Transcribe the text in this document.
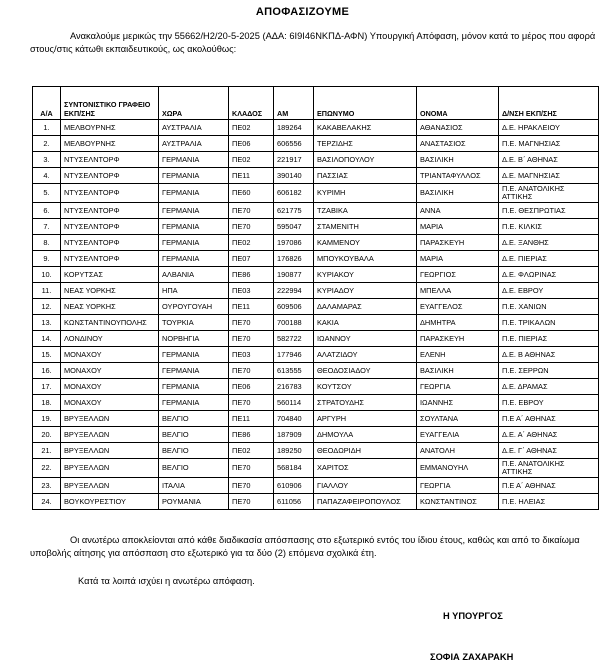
ΑΠΟΦΑΣΙΖΟΥΜΕ
Ανακαλούμε μερικώς την 55662/Η2/20-5-2025 (ΑΔΑ: 6Ι9Ι46ΝΚΠΔ-ΑΦΝ) Υπουργική Απόφαση, μόνον κατά το μέρος που αφορά στους/στις κάτωθι εκπαιδευτικούς, ως ακολούθως:
Α/Α	ΣΥΝΤΟΝΙΣΤΙΚΟ ΓΡΑΦΕΙΟ ΕΚΠ/ΣΗΣ	ΧΩΡΑ	ΚΛΑΔΟΣ	ΑΜ	ΕΠΩΝΥΜΟ	ΟΝΟΜΑ	Δ/ΝΣΗ ΕΚΠ/ΣΗΣ
1.	ΜΕΛΒΟΥΡΝΗΣ	ΑΥΣΤΡΑΛΙΑ	ΠΕ02	189264	ΚΑΚΑΒΕΛΑΚΗΣ	ΑΘΑΝΑΣΙΟΣ	Δ.Ε. ΗΡΑΚΛΕΙΟΥ
2.	ΜΕΛΒΟΥΡΝΗΣ	ΑΥΣΤΡΑΛΙΑ	ΠΕ06	606556	ΤΕΡΖΙΔΗΣ	ΑΝΑΣΤΑΣΙΟΣ	Π.Ε. ΜΑΓΝΗΣΙΑΣ
3.	ΝΤΥΣΕΛΝΤΟΡΦ	ΓΕΡΜΑΝΙΑ	ΠΕ02	221917	ΒΑΣΙΛΟΠΟΥΛΟΥ	ΒΑΣΙΛΙΚΗ	Δ.Ε. Β΄ ΑΘΗΝΑΣ
4.	ΝΤΥΣΕΛΝΤΟΡΦ	ΓΕΡΜΑΝΙΑ	ΠΕ11	390140	ΠΑΣΣΙΑΣ	ΤΡΙΑΝΤΑΦΥΛΛΟΣ	Δ.Ε. ΜΑΓΝΗΣΙΑΣ
5.	ΝΤΥΣΕΛΝΤΟΡΦ	ΓΕΡΜΑΝΙΑ	ΠΕ60	606182	ΚΥΡΙΜΗ	ΒΑΣΙΛΙΚΗ	Π.Ε. ΑΝΑΤΟΛΙΚΗΣ ΑΤΤΙΚΗΣ
6.	ΝΤΥΣΕΛΝΤΟΡΦ	ΓΕΡΜΑΝΙΑ	ΠΕ70	621775	ΤΖΑΒΙΚΑ	ΑΝΝΑ	Π.Ε. ΘΕΣΠΡΩΤΙΑΣ
7.	ΝΤΥΣΕΛΝΤΟΡΦ	ΓΕΡΜΑΝΙΑ	ΠΕ70	595047	ΣΤΑΜΕΝΙΤΗ	ΜΑΡΙΑ	Π.Ε. ΚΙΛΚΙΣ
8.	ΝΤΥΣΕΛΝΤΟΡΦ	ΓΕΡΜΑΝΙΑ	ΠΕ02	197086	ΚΑΜΜΕΝΟΥ	ΠΑΡΑΣΚΕΥΗ	Δ.Ε. ΞΑΝΘΗΣ
9.	ΝΤΥΣΕΛΝΤΟΡΦ	ΓΕΡΜΑΝΙΑ	ΠΕ07	176826	ΜΠΟΥΚΟΥΒΑΛΑ	ΜΑΡΙΑ	Δ.Ε. ΠΙΕΡΙΑΣ
10.	ΚΟΡΥΤΣΑΣ	ΑΛΒΑΝΙΑ	ΠΕ86	190877	ΚΥΡΙΑΚΟΥ	ΓΕΩΡΓΙΟΣ	Δ.Ε. ΦΛΩΡΙΝΑΣ
11.	ΝΕΑΣ ΥΟΡΚΗΣ	ΗΠΑ	ΠΕ03	222994	ΚΥΡΙΑΔΟΥ	ΜΠΕΛΛΑ	Δ.Ε. ΕΒΡΟΥ
12.	ΝΕΑΣ ΥΟΡΚΗΣ	ΟΥΡΟΥΓΟΥΑΗ	ΠΕ11	609506	ΔΑΛΑΜΑΡΑΣ	ΕΥΑΓΓΕΛΟΣ	Π.Ε. ΧΑΝΙΩΝ
13.	ΚΩΝΣΤΑΝΤΙΝΟΥΠΟΛΗΣ	ΤΟΥΡΚΙΑ	ΠΕ70	700188	ΚΑΚΙΑ	ΔΗΜΗΤΡΑ	Π.Ε. ΤΡΙΚΑΛΩΝ
14.	ΛΟΝΔΙΝΟΥ	ΝΟΡΒΗΓΙΑ	ΠΕ70	582722	ΙΩΑΝΝΟΥ	ΠΑΡΑΣΚΕΥΗ	Π.Ε. ΠΙΕΡΙΑΣ
15.	ΜΟΝΑΧΟΥ	ΓΕΡΜΑΝΙΑ	ΠΕ03	177946	ΑΛΑΤΖΙΔΟΥ	ΕΛΕΝΗ	Δ.Ε. Β ΑΘΗΝΑΣ
16.	ΜΟΝΑΧΟΥ	ΓΕΡΜΑΝΙΑ	ΠΕ70	613555	ΘΕΟΔΟΣΙΑΔΟΥ	ΒΑΣΙΛΙΚΗ	Π.Ε. ΣΕΡΡΩΝ
17.	ΜΟΝΑΧΟΥ	ΓΕΡΜΑΝΙΑ	ΠΕ06	216783	ΚΟΥΤΣΟΥ	ΓΕΩΡΓΙΑ	Δ.Ε. ΔΡΑΜΑΣ
18.	ΜΟΝΑΧΟΥ	ΓΕΡΜΑΝΙΑ	ΠΕ70	560114	ΣΤΡΑΤΟΥΔΗΣ	ΙΩΑΝΝΗΣ	Π.Ε. ΕΒΡΟΥ
19.	ΒΡΥΞΕΛΛΩΝ	ΒΕΛΓΙΟ	ΠΕ11	704840	ΑΡΓΥΡΗ	ΣΟΥΛΤΑΝΑ	Π.Ε Α΄ ΑΘΗΝΑΣ
20.	ΒΡΥΞΕΛΛΩΝ	ΒΕΛΓΙΟ	ΠΕ86	187909	ΔΗΜΟΥΛΑ	ΕΥΑΓΓΕΛΙΑ	Δ.Ε. Α΄ ΑΘΗΝΑΣ
21.	ΒΡΥΞΕΛΛΩΝ	ΒΕΛΓΙΟ	ΠΕ02	189250	ΘΕΟΔΩΡΙΔΗ	ΑΝΑΤΟΛΗ	Δ.Ε. Γ΄ ΑΘΗΝΑΣ
22.	ΒΡΥΞΕΛΛΩΝ	ΒΕΛΓΙΟ	ΠΕ70	568184	ΧΑΡΙΤΟΣ	ΕΜΜΑΝΟΥΗΛ	Π.Ε. ΑΝΑΤΟΛΙΚΗΣ ΑΤΤΙΚΗΣ
23.	ΒΡΥΞΕΛΛΩΝ	ΙΤΑΛΙΑ	ΠΕ70	610906	ΓΙΑΛΛΟΥ	ΓΕΩΡΓΙΑ	Π.Ε Α΄ ΑΘΗΝΑΣ
24.	ΒΟΥΚΟΥΡΕΣΤΙΟΥ	ΡΟΥΜΑΝΙΑ	ΠΕ70	611056	ΠΑΠΑΖΑΦΕΙΡΟΠΟΥΛΟΣ	ΚΩΝΣΤΑΝΤΙΝΟΣ	Π.Ε. ΗΛΕΙΑΣ
Οι ανωτέρω αποκλείονται από κάθε διαδικασία απόσπασης στο εξωτερικό εντός του ίδιου έτους, καθώς και από το δικαίωμα υποβολής αίτησης για απόσπαση στο εξωτερικό για τα δύο (2) επόμενα σχολικά έτη.
Κατά τα λοιπά ισχύει η ανωτέρω απόφαση.
Η ΥΠΟΥΡΓΟΣ
ΣΟΦΙΑ ΖΑΧΑΡΑΚΗ
